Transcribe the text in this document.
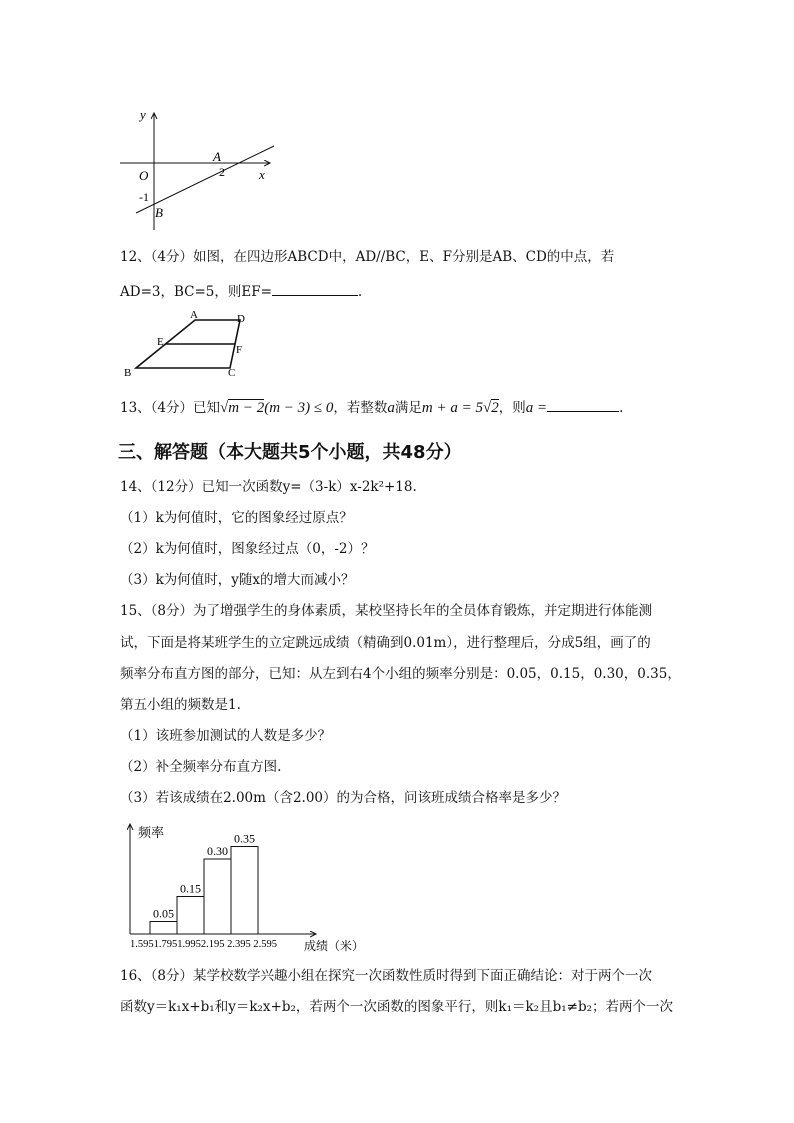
y
x
O
A
2
-1
B
12、（4分）如图，在四边形ABCD中，AD//BC，E、F分别是AB、CD的中点，若
AD=3，BC=5，则EF=	.
A	D
E
F
B	C
13、（4分）已知√m − 2(m − 3) ≤ 0，若整数a满足m + a = 5√2，则a =	.
三、解答题（本大题共5个小题，共48分）
14、（12分）已知一次函数y=（3-k）x-2k²+18.
（1）k为何值时，它的图象经过原点？
（2）k为何值时，图象经过点（0，-2）？
（3）k为何值时，y随x的增大而减小？
15、（8分）为了增强学生的身体素质，某校坚持长年的全员体育锻炼，并定期进行体能测
试，下面是将某班学生的立定跳远成绩（精确到0.01m），进行整理后，分成5组，画了的
频率分布直方图的部分，已知：从左到右4个小组的频率分别是：0.05，0.15，0.30，0.35，
第五小组的频数是1.
（1）该班参加测试的人数是多少？
（2）补全频率分布直方图.
（3）若该成绩在2.00m（含2.00）的为合格，问该班成绩合格率是多少？
频率
成绩（米）
1.5951.7951.9952.195 2.395 2.595
0.05
0.15
0.30
0.35
16、（8分）某学校数学兴趣小组在探究一次函数性质时得到下面正确结论：对于两个一次
函数y＝k₁x+b₁和y＝k₂x+b₂，若两个一次函数的图象平行，则k₁＝k₂且b₁≠b₂；若两个一次
